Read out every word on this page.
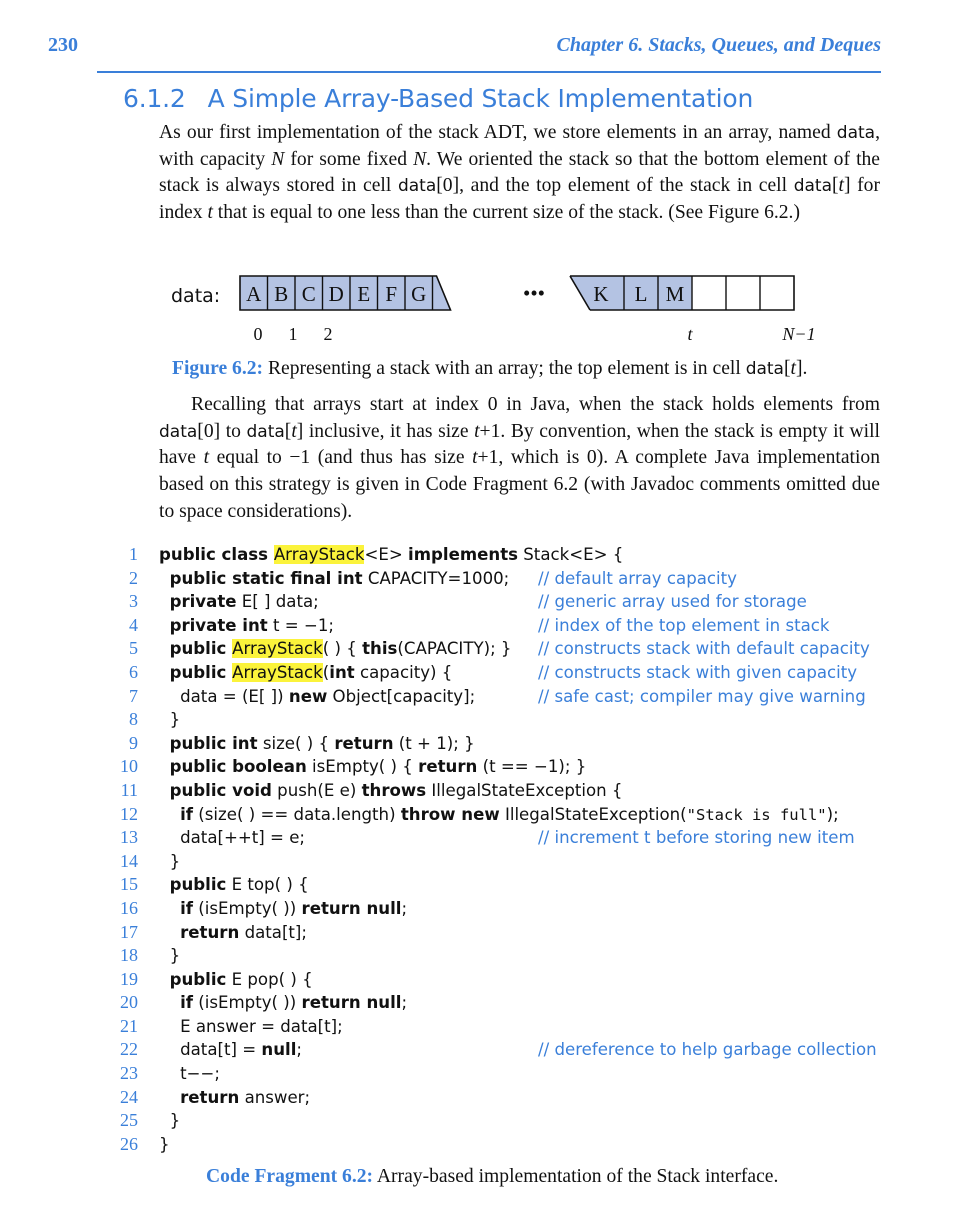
230	Chapter 6. Stacks, Queues, and Deques
6.1.2 A Simple Array-Based Stack Implementation

As our first implementation of the stack ADT, we store elements in an array, named data, with capacity N for some fixed N. We oriented the stack so that the bottom element of the stack is always stored in cell data[0], and the top element of the stack in cell data[t] for index t that is equal to one less than the current size of the stack. (See Figure 6.2.)

data: A B C D E F G	••• K L M
0 1 2	t	N−1
Figure 6.2: Representing a stack with an array; the top element is in cell data[t].

Recalling that arrays start at index 0 in Java, when the stack holds elements from data[0] to data[t] inclusive, it has size t+1. By convention, when the stack is empty it will have t equal to −1 (and thus has size t+1, which is 0). A complete Java implementation based on this strategy is given in Code Fragment 6.2 (with Javadoc comments omitted due to space considerations).

1 public class ArrayStack<E> implements Stack<E> {
2	public static final int CAPACITY=1000; // default array capacity
3	private E[ ] data;	// generic array used for storage
4	private int t = −1;	// index of the top element in stack
5	public ArrayStack( ) { this(CAPACITY); } // constructs stack with default capacity
6	public ArrayStack(int capacity) {	// constructs stack with given capacity
7	data = (E[ ]) new Object[capacity];	// safe cast; compiler may give warning
8	}
9	public int size( ) { return (t + 1); }
10	public boolean isEmpty( ) { return (t == −1); }
11	public void push(E e) throws IllegalStateException {
12	if (size( ) == data.length) throw new IllegalStateException("Stack is full");
13	data[++t] = e;	// increment t before storing new item
14	}
15	public E top( ) {
16	if (isEmpty( )) return null;
17	return data[t];
18	}
19	public E pop( ) {
20	if (isEmpty( )) return null;
21	E answer = data[t];
22	data[t] = null;	// dereference to help garbage collection
23	t−−;
24	return answer;
25	}
26 }
Code Fragment 6.2: Array-based implementation of the Stack interface.
